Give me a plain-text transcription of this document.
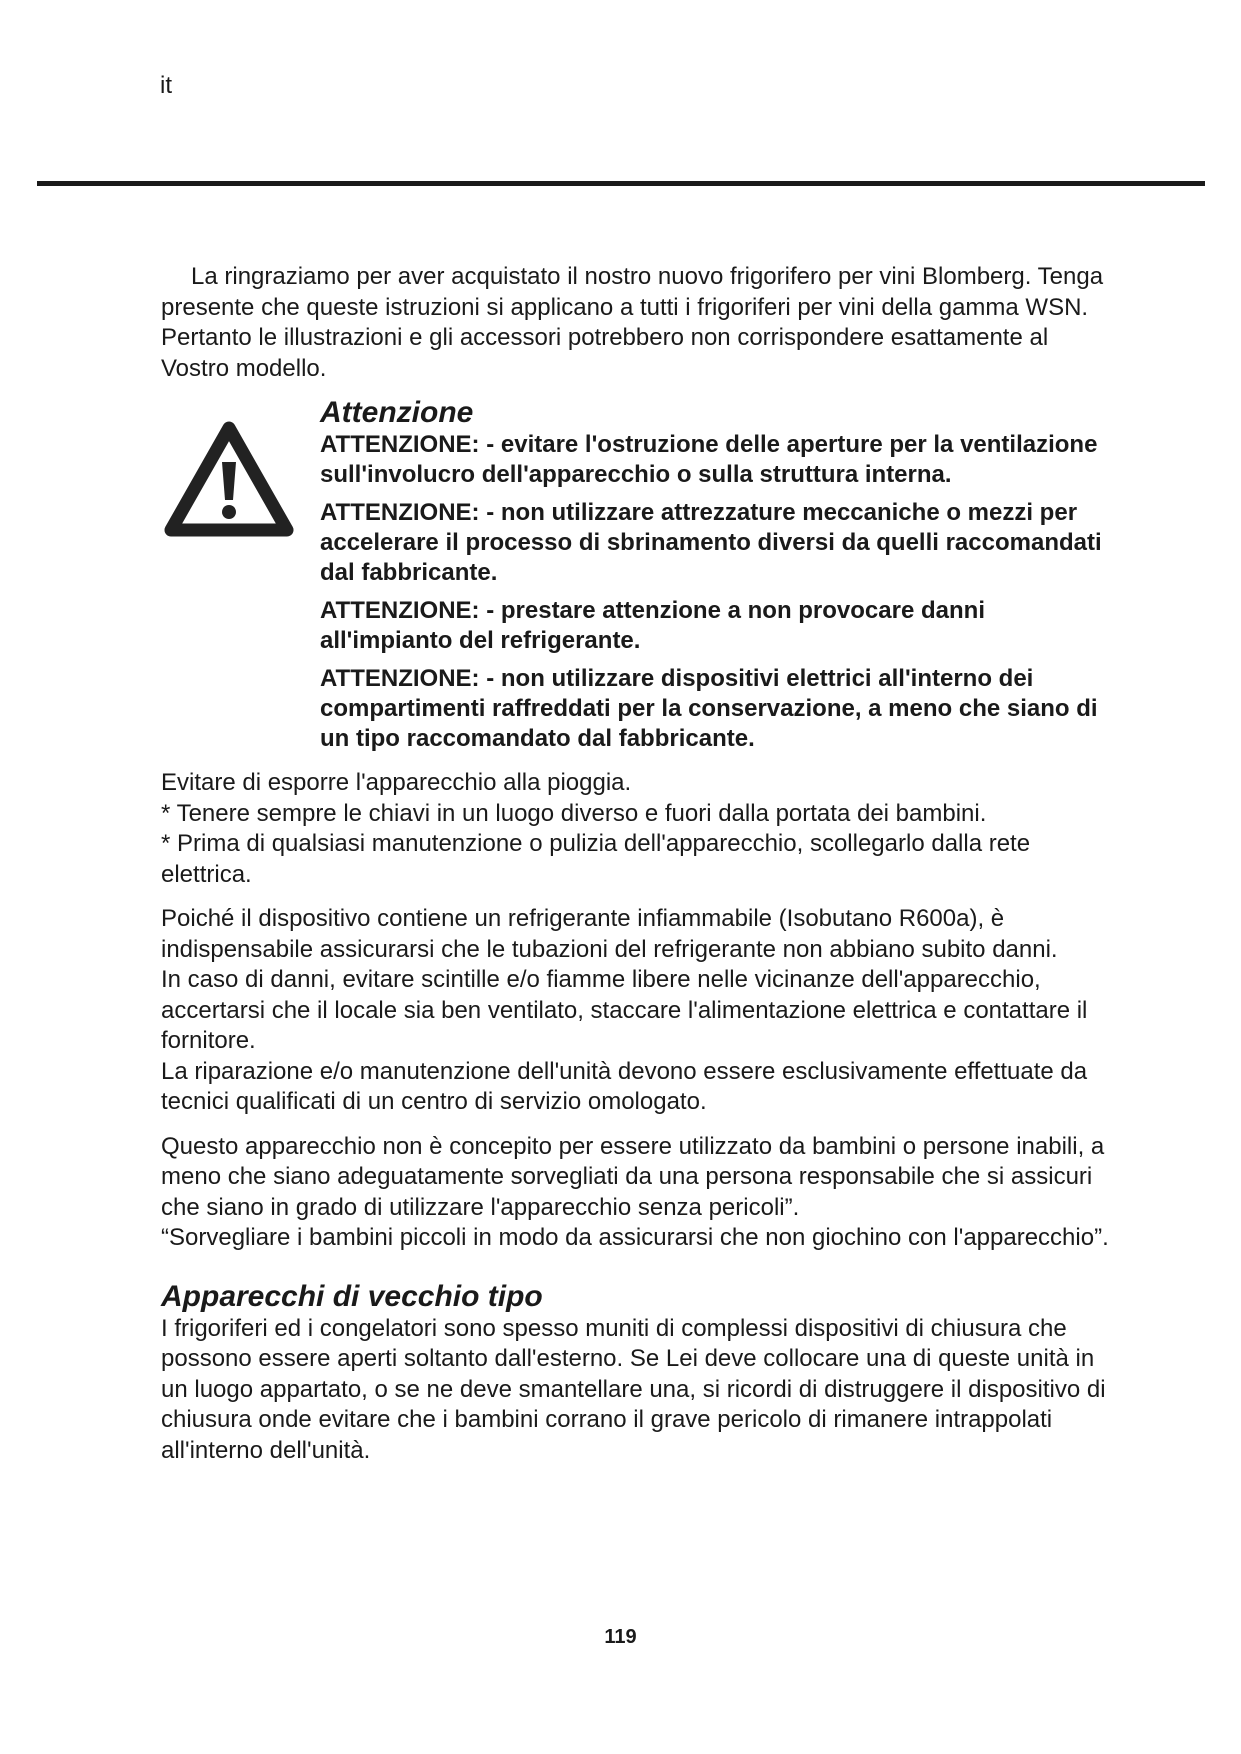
it

La ringraziamo per aver acquistato il nostro nuovo frigorifero per vini Blomberg. Tenga presente che queste istruzioni si applicano a tutti i frigoriferi per vini della gamma WSN. Pertanto le illustrazioni e gli accessori potrebbero non corrispondere esattamente al Vostro modello.

Attenzione

ATTENZIONE: - evitare l'ostruzione delle aperture per la ventilazione sull'involucro dell'apparecchio o sulla struttura interna.

ATTENZIONE: - non utilizzare attrezzature meccaniche o mezzi per accelerare il processo di sbrinamento diversi da quelli raccomandati dal fabbricante.

ATTENZIONE: - prestare attenzione a non provocare danni all'impianto del refrigerante.

ATTENZIONE: - non utilizzare dispositivi elettrici all'interno dei compartimenti raffreddati per la conservazione, a meno che siano di un tipo raccomandato dal fabbricante.

Evitare di esporre l'apparecchio alla pioggia.

* Tenere sempre le chiavi in un luogo diverso e fuori dalla portata dei bambini.

* Prima di qualsiasi manutenzione o pulizia dell'apparecchio, scollegarlo dalla rete elettrica.

Poiché il dispositivo contiene un refrigerante infiammabile (Isobutano R600a), è indispensabile assicurarsi che le tubazioni del refrigerante non abbiano subito danni.

In caso di danni, evitare scintille e/o fiamme libere nelle vicinanze dell'apparecchio, accertarsi che il locale sia ben ventilato, staccare l'alimentazione elettrica e contattare il fornitore.

La riparazione e/o manutenzione dell'unità devono essere esclusivamente effettuate da tecnici qualificati di un centro di servizio omologato.

Questo apparecchio non è concepito per essere utilizzato da bambini o persone inabili, a meno che siano adeguatamente sorvegliati da una persona responsabile che si assicuri che siano in grado di utilizzare l'apparecchio senza pericoli”.

“Sorvegliare i bambini piccoli in modo da assicurarsi che non giochino con l'apparecchio”.

Apparecchi di vecchio tipo

I frigoriferi ed i congelatori sono spesso muniti di complessi dispositivi di chiusura che possono essere aperti soltanto dall'esterno. Se Lei deve collocare una di queste unità in un luogo appartato, o se ne deve smantellare una, si ricordi di distruggere il dispositivo di chiusura onde evitare che i bambini corrano il grave pericolo di rimanere intrappolati all'interno dell'unità.

119
